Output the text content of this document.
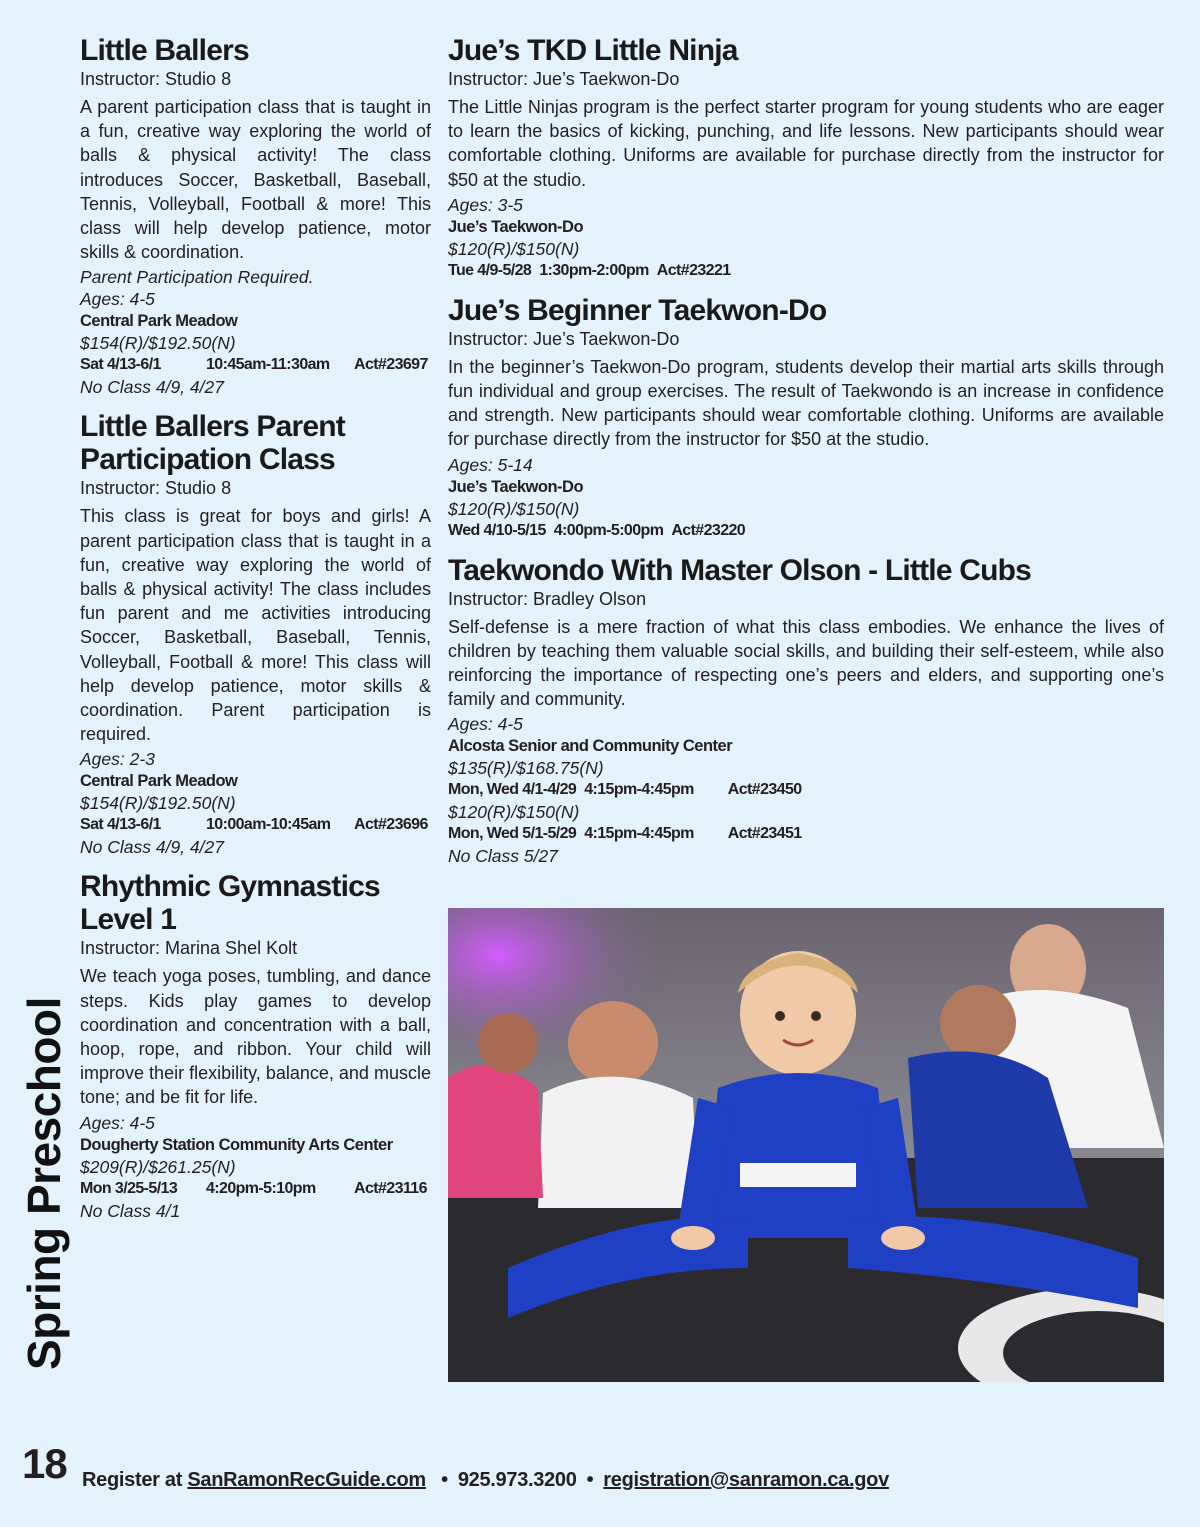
Little Ballers

Instructor: Studio 8

A parent participation class that is taught in a fun, creative way exploring the world of balls & physical activity! The class introduces Soccer, Basketball, Baseball, Tennis, Volleyball, Football & more! This class will help develop patience, motor skills & coordination.

Parent Participation Required.

Ages: 4-5

Central Park Meadow

$154(R)/$192.50(N)

Sat 4/13-6/1	10:45am-11:30am Act#23697

No Class 4/9, 4/27

Little Ballers Parent
Participation Class

Instructor: Studio 8

This class is great for boys and girls! A parent participation class that is taught in a fun, creative way exploring the world of balls & physical activity! The class includes fun parent and me activities introducing Soccer, Basketball, Baseball, Tennis, Volleyball, Football & more! This class will help develop patience, motor skills & coordination. Parent participation is required.

Ages: 2-3

Central Park Meadow

$154(R)/$192.50(N)

Sat 4/13-6/1	10:00am-10:45am Act#23696

No Class 4/9, 4/27

Rhythmic Gymnastics
Level 1

Instructor: Marina Shel Kolt

We teach yoga poses, tumbling, and dance steps. Kids play games to develop coordination and concentration with a ball, hoop, rope, and ribbon. Your child will improve their flexibility, balance, and muscle tone; and be fit for life.

Ages: 4-5

Dougherty Station Community Arts Center

$209(R)/$261.25(N)

Mon 3/25-5/13 4:20pm-5:10pm Act#23116

No Class 4/1

Jue’s TKD Little Ninja

Instructor: Jue’s Taekwon-Do

The Little Ninjas program is the perfect starter program for young students who are eager to learn the basics of kicking, punching, and life lessons. New participants should wear comfortable clothing. Uniforms are available for purchase directly from the instructor for $50 at the studio.

Ages: 3-5

Jue’s Taekwon-Do

$120(R)/$150(N)

Tue 4/9-5/28 1:30pm-2:00pm Act#23221

Jue’s Beginner Taekwon-Do

Instructor: Jue’s Taekwon-Do

In the beginner’s Taekwon-Do program, students develop their martial arts skills through fun individual and group exercises. The result of Taekwondo is an increase in confidence and strength. New participants should wear comfortable clothing. Uniforms are available for purchase directly from the instructor for $50 at the studio.

Ages: 5-14

Jue’s Taekwon-Do

$120(R)/$150(N)

Wed 4/10-5/15 4:00pm-5:00pm Act#23220

Taekwondo With Master Olson - Little Cubs

Instructor: Bradley Olson

Self-defense is a mere fraction of what this class embodies. We enhance the lives of children by teaching them valuable social skills, and building their self-esteem, while also reinforcing the importance of respecting one’s peers and elders, and supporting one’s family and community.

Ages: 4-5

Alcosta Senior and Community Center

$135(R)/$168.75(N)

Mon, Wed 4/1-4/29 4:15pm-4:45pm Act#23450

$120(R)/$150(N)

Mon, Wed 5/1-5/29 4:15pm-4:45pm Act#23451

No Class 5/27

Spring Preschool
18 Register at SanRamonRecGuide.com • 925.973.3200 • registration@sanramon.ca.gov
